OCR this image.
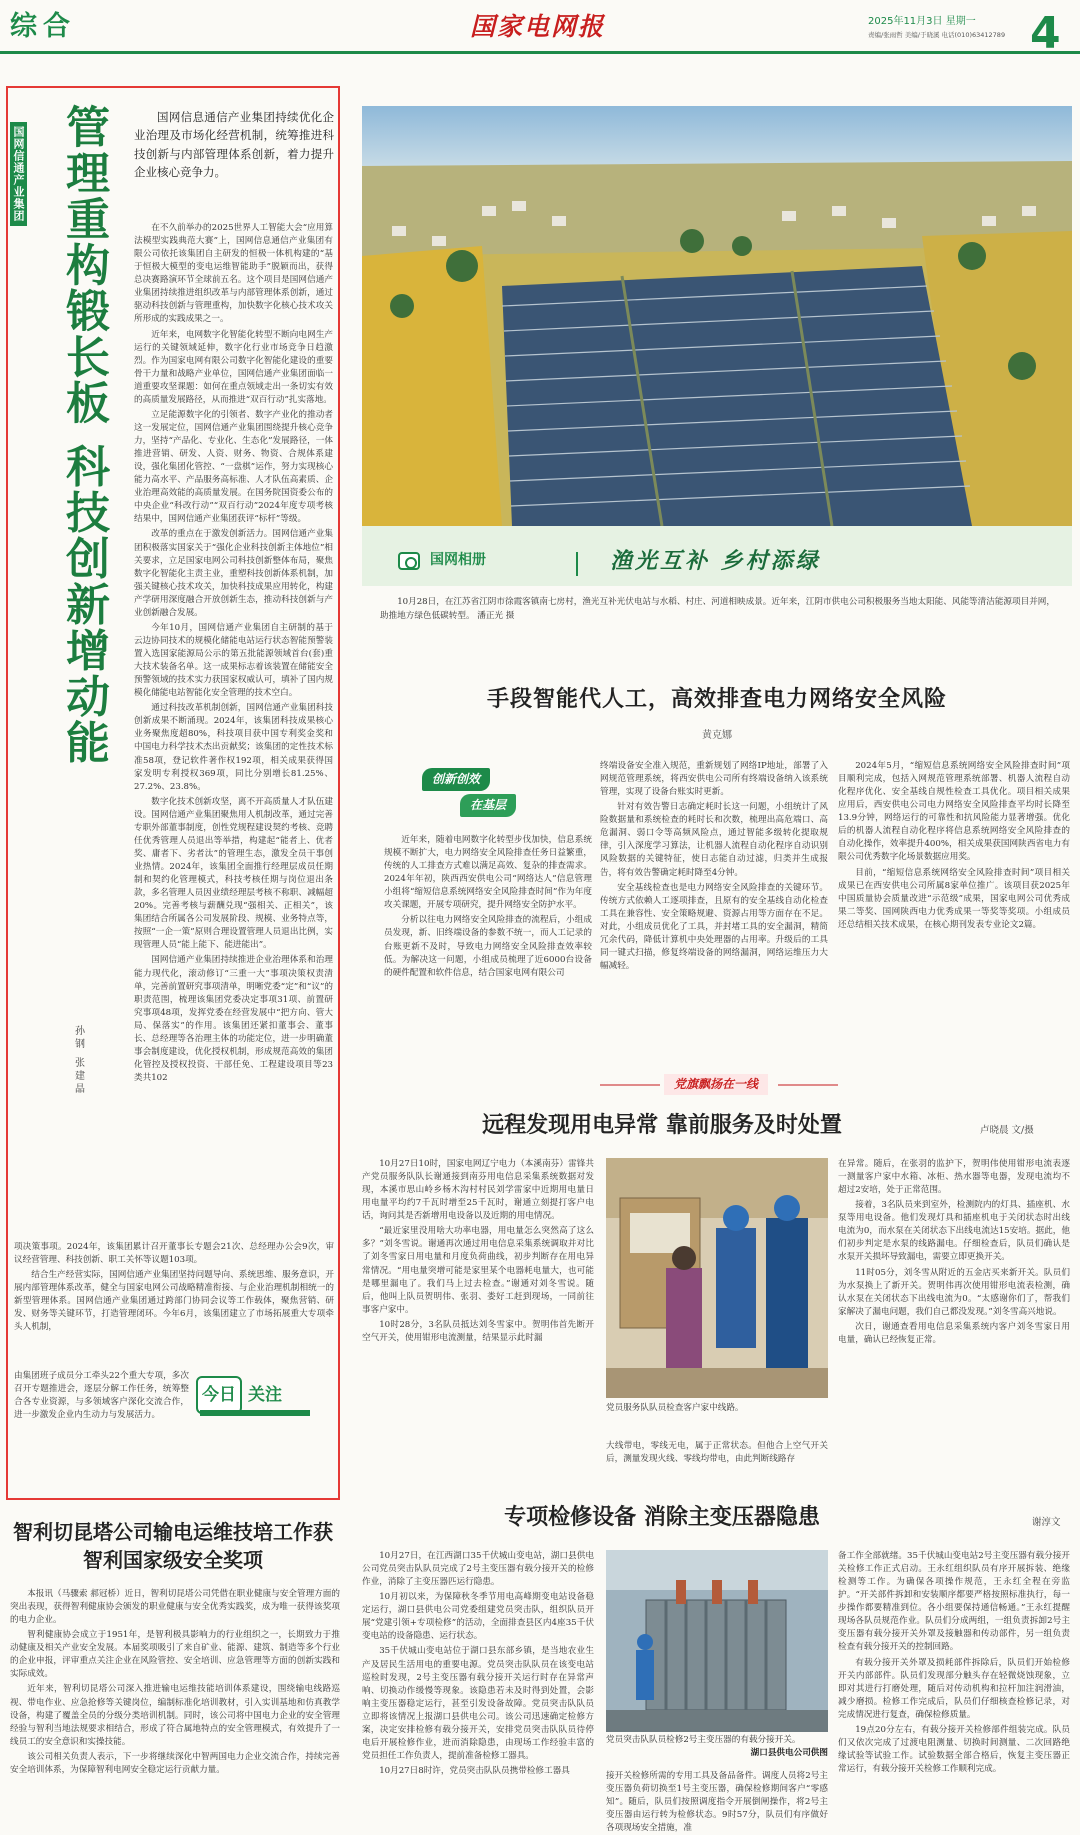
综合	国家电网报	2025年11月3日 星期一
责编/张雨哲 美编/于晓溪 电话(010)63412789 4
国网信通产业集团 管理重构锻长板 科技创新增动能
孙钢 张建晶
国网信息通信产业集团持续优化企业治理及市场化经营机制，统筹推进科技创新与内部管理体系创新，着力提升企业核心竞争力。

在不久前举办的2025世界人工智能大会“应用算法模型实践典范大赛”上，国网信息通信产业集团有限公司依托该集团自主研发的恒极一体机构建的“基于恒极大模型的变电运维智能助手”脱颖而出，获得总决赛路演环节全球前五名。这个项目是国网信通产业集团持续推进组织改革与内部管理体系创新，通过驱动科技创新与管理重构，加快数字化核心技术攻关所形成的实践成果之一。

近年来，电网数字化智能化转型不断向电网生产运行的关键领域延伸，数字化行业市场竞争日趋激烈。作为国家电网有限公司数字化智能化建设的重要骨干力量和战略产业单位，国网信通产业集团面临一道重要攻坚课题：如何在重点领域走出一条切实有效的高质量发展路径，从而推进“双百行动”扎实落地。

立足能源数字化的引领者、数字产业化的推动者这一发展定位，国网信通产业集团围绕提升核心竞争力，坚持“产品化、专业化、生态化”发展路径，一体推进营销、研发、人资、财务、物资、合规体系建设，强化集团化管控、“一盘棋”运作，努力实现核心能力高水平、产品服务高标准、人才队伍高素质、企业治理高效能的高质量发展。在国务院国资委公布的中央企业“科改行动”“双百行动”2024年度专项考核结果中，国网信通产业集团获评“标杆”等级。

改革的重点在于激发创新活力。国网信通产业集团积极落实国家关于“强化企业科技创新主体地位”相关要求，立足国家电网公司科技创新整体布局，聚焦数字化智能化主责主业，重塑科技创新体系机制，加强关键核心技术攻关，加快科技成果应用转化，构建产学研用深度融合开放创新生态，推动科技创新与产业创新融合发展。

今年10月，国网信通产业集团自主研制的基于云边协同技术的规模化储能电站运行状态智能预警装置入选国家能源局公示的第五批能源领域首台(套)重大技术装备名单。这一成果标志着该装置在储能安全预警领域的技术实力获国家权威认可，填补了国内规模化储能电站智能化安全管理的技术空白。

通过科技改革机制创新，国网信通产业集团科技创新成果不断涌现。2024年，该集团科技成果核心业务聚焦度超80%，科技项目获中国专利奖金奖和中国电力科学技术杰出贡献奖；该集团的定性技术标准58项，登记软件著作权192项，相关成果获得国家发明专利授权369项，同比分别增长81.25%、27.2%、23.8%。

数字化技术创新攻坚，离不开高质量人才队伍建设。国网信通产业集团聚焦用人机制改革，通过完善专职外部董事制度，创性党规程建设契约考核、竞聘任优秀管理人员退出等举措，构建起“能者上、优者奖、庸者下、劣者汰”的管理生态，激发全员干事创业热情。2024年，该集团全面推行经理层成员任期制和契约化管理模式，科技考核任期与岗位退出条款，多名管理人员因业绩经理层考核不称职、减幅超20%。完善考核与薪酬兑现“强相关、正相关”，该集团结合所属各公司发展阶段、规模、业务特点等，按照“一企一策”原则合理设置管理人员退出比例，实现管理人员“能上能下、能进能出”。

国网信通产业集团持续推进企业治理体系和治理能力现代化，滚动修订“三重一大”事项决策权责清单，完善前置研究事项清单，明晰党委“定”和“议”的职责范围，梳理该集团党委决定事项31项、前置研究事项48项，发挥党委在经营发展中“把方向、管大局、保落实”的作用。该集团还紧扣董事会、董事长、总经理等各治理主体的功能定位，进一步明确董事会制度建设，优化授权机制，形成规范高效的集团化管控及授权投资、干部任免、工程建设项目等23类共102

项决策事项。2024年，该集团累计召开董事长专题会21次、总经理办公会9次，审议经营管理、科技创新、职工关怀等议题103项。

结合生产经营实际，国网信通产业集团坚持问题导向、系统思维、服务意识，开展内部管理体系改革，健全与国家电网公司战略精准衔接、与企业治理机制相统一的新型管理体系。国网信通产业集团通过跨部门协同会议等工作载体，聚焦营销、研发、财务等关键环节，打造管理闭环。今年6月，该集团建立了市场拓展重大专项牵头人机制，

由集团班子成员分工牵头22个重大专项，多次召开专题推进会，逐层分解工作任务，统筹整合各专业资源，与多领域客户深化交流合作，进一步激发企业内生动力与发展活力。

今日 关注
国网相册	渔光互补 乡村添绿
10月28日，在江苏省江阴市徐霞客镇南七房村，渔光互补光伏电站与水稻、村庄、河道相映成景。近年来，江阴市供电公司积极服务当地太阳能、风能等清洁能源项目并网，助推地方绿色低碳转型。 潘正光 摄
手段智能代人工，高效排查电力网络安全风险
黄克娜
创新创效
在基层

近年来，随着电网数字化转型步伐加快，信息系统规模不断扩大，电力网络安全风险排查任务日益繁重，传统的人工排查方式难以满足高效、复杂的排查需求。2024年年初，陕西西安供电公司“网络达人”信息管理小组将“缩短信息系统网络安全风险排查时间”作为年度攻关课题，开展专项研究，提升网络安全防护水平。

分析以往电力网络安全风险排查的流程后，小组成员发现，新、旧终端设备的参数不统一，而人工记录的台账更新不及时，导致电力网络安全风险排查效率较低。为解决这一问题，小组成员梳理了近6000台设备的硬件配置和软件信息，结合国家电网有限公司

终端设备安全准入规范，重新规划了网络IP地址，部署了入网规范管理系统，将西安供电公司所有终端设备纳入该系统管理，实现了设备台账实时更新。

针对有效告警日志确定耗时长这一问题，小组统计了风险数据量和系统检查的耗时长和次数，梳理出高危端口、高危漏洞、弱口令等高频风险点，通过智能多级转化提取规律，引入深度学习算法，让机器人流程自动化程序自动识别风险数据的关键特征，使日志能自动过滤，归类并生成报告，将有效告警确定耗时降至4分钟。

安全基线检查也是电力网络安全风险排查的关键环节。传统方式依赖人工逐项排查，且原有的安全基线自动化检查工具在兼容性、安全策略规避、资源占用等方面存在不足。对此，小组成员优化了工具，并封堵工具的安全漏洞，精简冗余代码，降低计算机中央处理器的占用率。升级后的工具同一键式扫描，修复终端设备的网络漏洞，网络运维压力大幅减轻。

2024年5月，“缩短信息系统网络安全风险排查时间”项目顺利完成，包括入网规范管理系统部署、机器人流程自动化程序优化、安全基线自规性检查工具优化。项目相关成果应用后，西安供电公司电力网络安全风险排查平均时长降至13.9分钟，网络运行的可靠性和抗风险能力显著增强。优化后的机器人流程自动化程序将信息系统网络安全风险排查的自动化操作，效率提升400%，相关成果获国网陕西省电力有限公司优秀数字化场景数据应用奖。

目前，“缩短信息系统网络安全风险排查时间”项目相关成果已在西安供电公司所属8家单位推广。该项目获2025年中国质量协会质量改进“示范级”成果，国家电网公司优秀成果二等奖、国网陕西电力优秀成果一等奖等奖项。小组成员还总结相关技术成果，在核心期刊发表专业论文2篇。

党旗飘扬在一线
远程发现用电异常 靠前服务及时处置	卢晓晨 文/摄

10月27日10时，国家电网辽宁电力（本溪南芬）雷锋共产党员服务队队长谢通接到南芬用电信息采集系统数据对发现，本溪市思山岭乡杨木沟村村民刘学雷家中近期用电量日用电量平均约7千瓦时增至25千瓦时，谢通立刻提打客户电话，询问其是否新增用电设备以及近期的用电情况。

“最近家里没用啥大功率电器，用电量怎么突然高了这么多？”刘冬雪说。谢通再次通过用电信息采集系统调取并对比了刘冬雪家日用电量和月度负荷曲线，初步判断存在用电异常情况。“用电量突增可能是家里某个电器耗电量大，也可能是哪里漏电了。我们马上过去检查。”谢通对刘冬雪说。随后，他叫上队员贺明伟、张羽、娄好工赶到现场，一同前往事客户家中。

10时28分，3名队员抵达刘冬雪家中。贺明伟首先断开空气开关，使用钳形电流测量，结果显示此时漏

党员服务队队员检查客户家中线路。

大线带电，零线无电，属于正常状态。但他合上空气开关后，测量发现火线、零线均带电，由此判断线路存

在异常。随后，在张羽的监护下，贺明伟使用钳形电流表逐一测量客户家中水箱、冰柜、热水器等电器，发现电流均不超过2安培，处于正常范围。

接着，3名队员来到室外，检测院内的灯具、插座机、水泵等用电设备。他们发现灯具和插座机电于关闭状态时出线电流为0，而水泵在关闭状态下出线电流达15安培。据此，他们初步判定是水泵的线路漏电。仔细检查后，队员们确认是水泵开关损坏导致漏电，需要立即更换开关。

11时05分，刘冬雪从附近的五金店买来新开关。队员们为水泵换上了新开关。贺明伟再次使用钳形电流表检测，确认水泵在关闭状态下出线电流为0。“太感谢你们了，帮我们家解决了漏电问题，我们自己都没发现。”刘冬雪高兴地说。

次日，谢通查看用电信息采集系统内客户刘冬雪家日用电量，确认已经恢复正常。

智利切昆塔公司输电运维技培工作获智利国家级安全奖项

本报讯（马骤索 郝冠桥）近日，智利切昆塔公司凭借在职业健康与安全管理方面的突出表现，获得智利健康协会颁发的职业健康与安全优秀实践奖，成为唯一获得该奖项的电力企业。

智利健康协会成立于1951年，是智利极具影响力的行业组织之一，长期致力于推动健康及相关产业安全发展。本届奖项吸引了来自矿业、能源、建筑、制造等多个行业的企业申报，评审重点关注企业在风险管控、安全培训、应急管理等方面的创新实践和实际成效。

近年来，智利切昆塔公司深入推进输电运维技能培训体系建设，围绕输电线路巡视、带电作业、应急抢修等关键岗位，编制标准化培训教材，引入实训基地和仿真教学设备，构建了覆盖全员的分级分类培训机制。同时，该公司将中国电力企业的安全管理经验与智利当地法规要求相结合，形成了符合属地特点的安全管理模式，有效提升了一线员工的安全意识和实操技能。

该公司相关负责人表示，下一步将继续深化中智两国电力企业交流合作，持续完善安全培训体系，为保障智利电网安全稳定运行贡献力量。

专项检修设备 消除主变压器隐患	谢淳文

10月27日，在江西湖口35千伏城山变电站，湖口县供电公司党员突击队队员完成了2号主变压器有载分接开关的检修作业，消除了主变压器匹运行隐患。

10月初以来，为保障秋冬季节用电高峰期变电站设备稳定运行，湖口县供电公司党委组建党员突击队，组织队员开展“党建引领+专项检修”的活动，全面排查县区内4座35千伏变电站的设备隐患、运行状态。

35千伏城山变电站位于湖口县东部乡镇，是当地农业生产及居民生活用电的重要电源。党员突击队队员在该变电站巡检时发现，2号主变压器有载分接开关运行时存在异常声响、切换动作缓慢等现象。该隐患若未及时得到处置，会影响主变压器稳定运行，甚至引发设备故障。党员突击队队员立即将该情况上报湖口县供电公司。该公司迅速确定检修方案，决定安排检修有载分接开关，安排党员突击队队员待停电后开展检修作业，进而消除隐患，由现场工作经验丰富的党员担任工作负责人，提前准备检修工器具。

10月27日8时许，党员突击队队员携带检修工器具

党员突击队队员检修2号主变压器的有载分接开关。
湖口县供电公司供图

接开关检修所需的专用工具及备品备件。调度人员将2号主变压器负荷切换至1号主变压器，确保检修期间客户“零感知”。随后，队员们按照调度指令开展倒闸操作，将2号主变压器由运行转为检修状态。9时57分，队员们有序做好各项现场安全措施，准

备工作全部就绪。35千伏城山变电站2号主变压器有载分接开关检修工作正式启动。王永红组织队员有序开展拆装、绝缘检测等工作。为确保各项操作规范，王永红全程在旁监护。“开关部件拆卸和安装顺序都要严格按照标准执行，每一步操作都要精准到位。各小组要保持通信畅通。”王永红提醒现场各队员规范作业。队员们分成两组，一组负责拆卸2号主变压器有载分接开关外罩及接触器和传动部件，另一组负责检查有载分接开关的控制回路。

有载分接开关外罩及损耗部件拆除后，队员们开始检修开关内部部件。队员们发现部分触头存在轻微烧蚀现象，立即对其进行打磨处理，随后对传动机构和拉杆加注润滑油，减少磨损。检修工作完成后，队员们仔细核查检修记录，对完成情况进行复查，确保检修质量。

19点20分左右，有载分接开关检修部件组装完成。队员们又依次完成了过渡电阻测量、切换时间测量、二次回路绝缘试验等试验工作。试验数据全部合格后，恢复主变压器正常运行，有载分接开关检修工作顺利完成。
